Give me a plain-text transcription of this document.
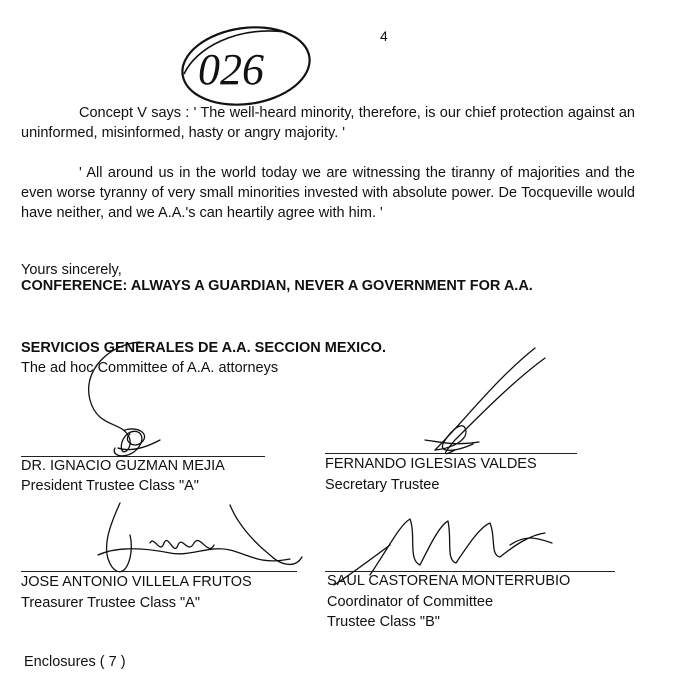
4
026
Concept V says : ' The well-heard minority, therefore, is our chief protection against an uninformed, misinformed, hasty or angry majority. '
' All around us in the world today we are witnessing the tiranny of majorities and the even worse tyranny of very small minorities invested with absolute power. De Tocqueville would have neither, and we A.A.'s can heartily agree with him. '
Yours sincerely,
CONFERENCE: ALWAYS A GUARDIAN, NEVER A GOVERNMENT FOR A.A.
SERVICIOS GENERALES DE A.A. SECCION MEXICO.
The ad hoc Committee of A.A. attorneys
DR. IGNACIO GUZMAN MEJIA
President Trustee Class "A"
FERNANDO IGLESIAS VALDES
Secretary Trustee
JOSE ANTONIO VILLELA FRUTOS
Treasurer Trustee Class "A"
SAUL CASTORENA MONTERRUBIO
Coordinator of Committee
Trustee Class "B"
Enclosures ( 7 )
